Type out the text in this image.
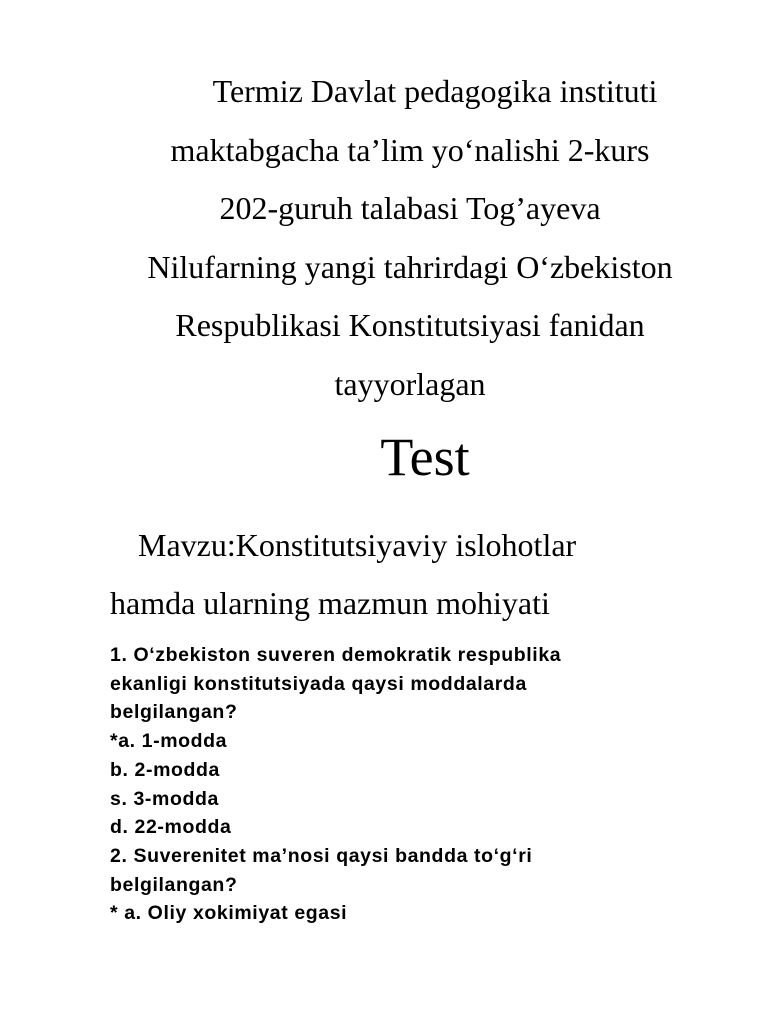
Termiz Davlat pedagogika instituti
maktabgacha ta’lim yo‘nalishi 2-kurs
202-guruh talabasi Tog’ayeva
Nilufarning yangi tahrirdagi O‘zbekiston
Respublikasi Konstitutsiyasi fanidan
tayyorlagan
Test
Mavzu:Konstitutsiyaviy islohotlar
hamda ularning mazmun mohiyati
1. O‘zbekiston suveren demokratik respublika
ekanligi konstitutsiyada qaysi moddalarda
belgilangan?
*a. 1-modda
b. 2-modda
s. 3-modda
d. 22-modda
2. Suverenitet ma’nosi qaysi bandda to‘g‘ri
belgilangan?
* a. Oliy xokimiyat egasi
